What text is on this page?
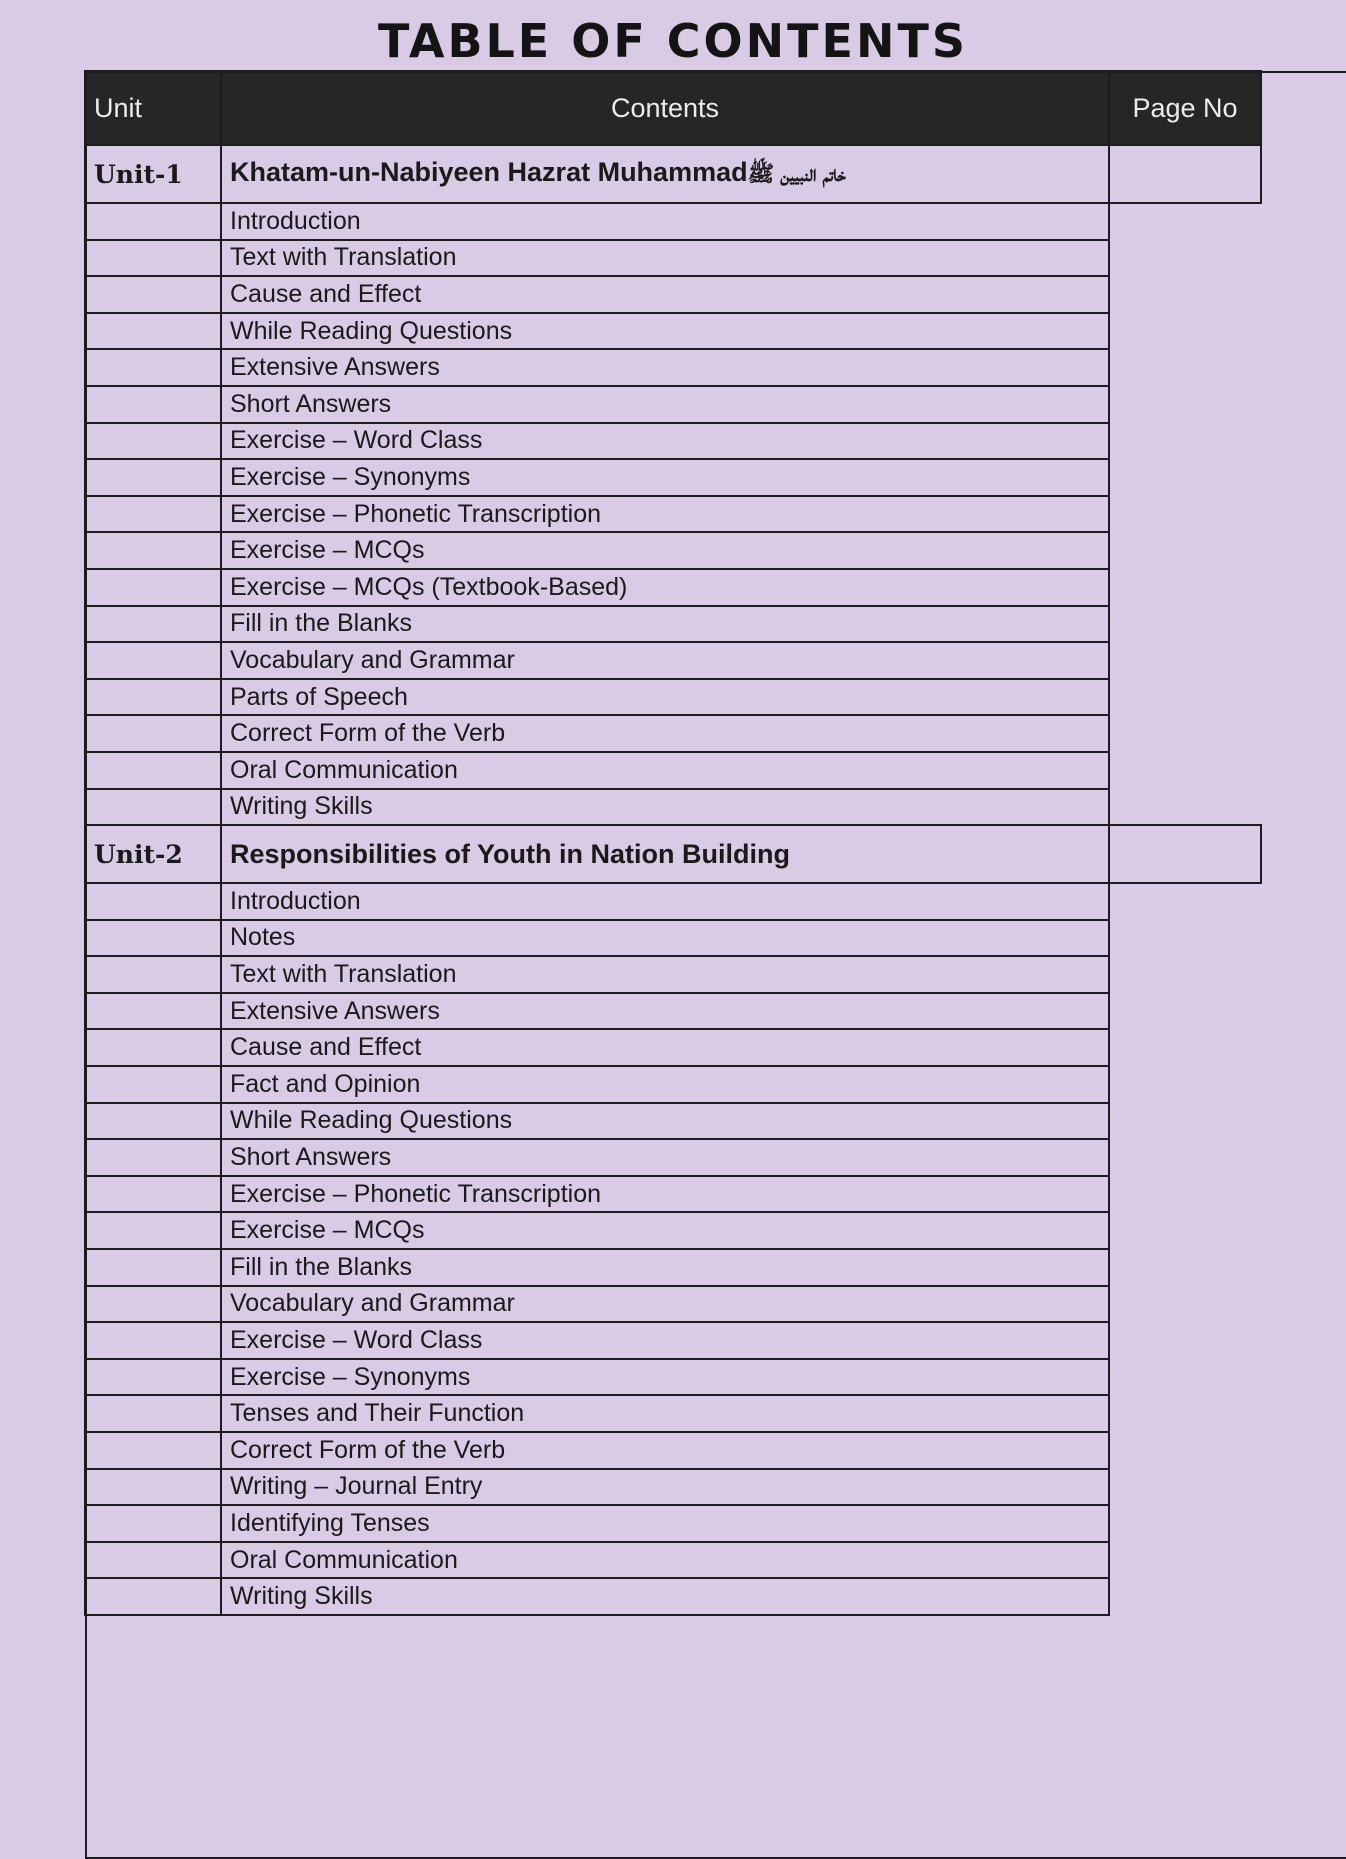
TABLE OF CONTENTS
Unit	Contents	Page No
Unit-1	Khatam-un-Nabiyeen Hazrat Muhammadخاتم النبیین ﷺ	
	Introduction	

	Text with Translation	

	Cause and Effect	

	While Reading Questions	

	Extensive Answers	

	Short Answers	

	Exercise – Word Class	

	Exercise – Synonyms	

	Exercise – Phonetic Transcription	

	Exercise – MCQs	

	Exercise – MCQs (Textbook-Based)	

	Fill in the Blanks	

	Vocabulary and Grammar	

	Parts of Speech	

	Correct Form of the Verb	

	Oral Communication	

	Writing Skills	

Unit-2	Responsibilities of Youth in Nation Building	
	Introduction	

	Notes	

	Text with Translation	

	Extensive Answers	

	Cause and Effect	

	Fact and Opinion	

	While Reading Questions	

	Short Answers	

	Exercise – Phonetic Transcription	

	Exercise – MCQs	

	Fill in the Blanks	

	Vocabulary and Grammar	

	Exercise – Word Class	

	Exercise – Synonyms	

	Tenses and Their Function	

	Correct Form of the Verb	

	Writing – Journal Entry	

	Identifying Tenses	

	Oral Communication	

	Writing Skills	
